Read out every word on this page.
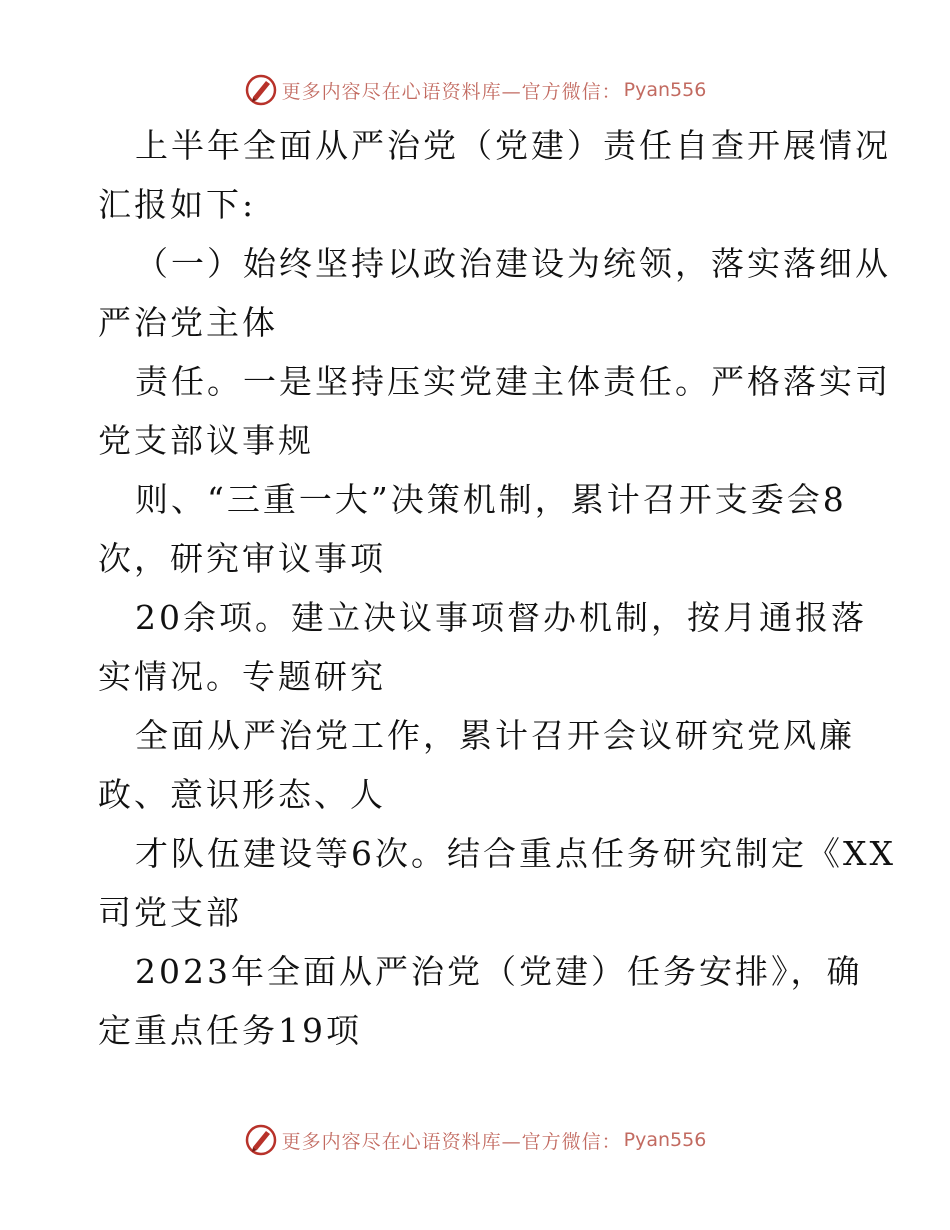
更多内容尽在心语资料库—官方微信： Pyan556
上半年全面从严治党（党建）责任自查开展情况
汇报如下:
（一）始终坚持以政治建设为统领，落实落细从
严治党主体
责任。一是坚持压实党建主体责任。严格落实司
党支部议事规
则、“三重一大”决策机制，累计召开支委会8
次，研究审议事项
20余项。建立决议事项督办机制，按月通报落
实情况。专题研究
全面从严治党工作，累计召开会议研究党风廉
政、意识形态、人
才队伍建设等6次。结合重点任务研究制定《XX
司党支部
2023年全面从严治党（党建）任务安排》，确
定重点任务19项
更多内容尽在心语资料库—官方微信： Pyan556
